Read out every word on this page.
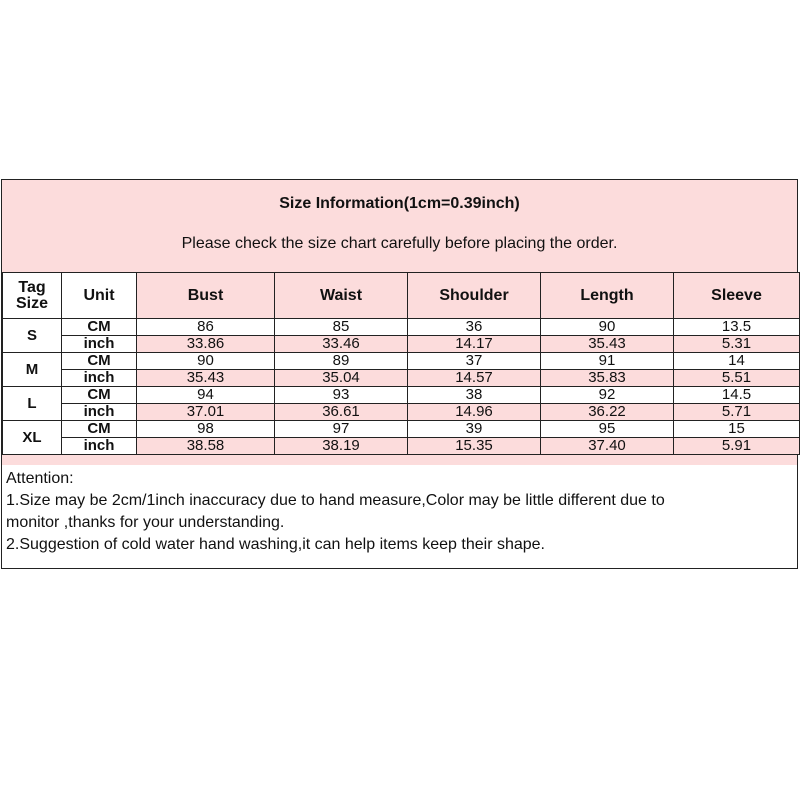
Size Information(1cm=0.39inch)
Please check the size chart carefully before placing the order.
Tag
Size	Unit	Bust	Waist	Shoulder	Length	Sleeve
S	CM	86	85	36	90	13.5
	inch	33.86	33.46	14.17	35.43	5.31
M	CM	90	89	37	91	14
	inch	35.43	35.04	14.57	35.83	5.51
L	CM	94	93	38	92	14.5
	inch	37.01	36.61	14.96	36.22	5.71
XL	CM	98	97	39	95	15
	inch	38.58	38.19	15.35	37.40	5.91
Attention:
1.Size may be 2cm/1inch inaccuracy due to hand measure,Color may be little different due to
monitor ,thanks for your understanding.
2.Suggestion of cold water hand washing,it can help items keep their shape.
